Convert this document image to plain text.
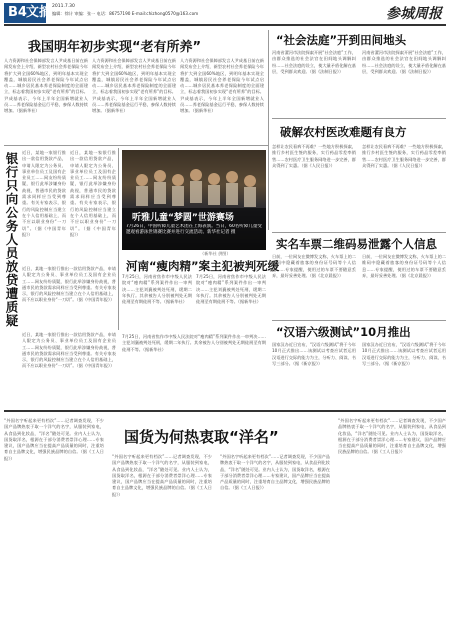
B4 文摘 2011.7.30
编辑：徐计 审编：张一 电话：86757190 E-mail:chizhong0570@163.com	参城周报
我国明年初步实现“老有所养”
人力资源和社会保障部发言人尹成基日前在新闻发布会上介绍，新型农村社会养老保险今年将扩大到全国60%地区，到明年基本实现全覆盖，城镇居民社会养老保险今年试点启动……城乡居民基本养老保险制度的全面建立，标志着我国初步实现“老有所养”的目标。尹成基表示，今年上半年全国新增就业人员……养老保险基金运行平稳，参保人数持续增加。（据新华社）
人力资源和社会保障部发言人尹成基日前在新闻发布会上介绍，新型农村社会养老保险今年将扩大到全国60%地区，到明年基本实现全覆盖，城镇居民社会养老保险今年试点启动……城乡居民基本养老保险制度的全面建立，标志着我国初步实现“老有所养”的目标。尹成基表示，今年上半年全国新增就业人员……养老保险基金运行平稳，参保人数持续增加。（据新华社）
人力资源和社会保障部发言人尹成基日前在新闻发布会上介绍，新型农村社会养老保险今年将扩大到全国60%地区，到明年基本实现全覆盖，城镇居民社会养老保险今年试点启动……城乡居民基本养老保险制度的全面建立，标志着我国初步实现“老有所养”的目标。尹成基表示，今年上半年全国新增就业人员……养老保险基金运行平稳，参保人数持续增加。（据新华社）
“社会法庭”开到田间地头
河南省漯河市法院探索开展“社会法庭”工作，由群众推选的社会法官在田间地头调解纠纷……社会法庭的设立，使大量矛盾化解在基层，受到群众欢迎。（据《法制日报》）
河南省漯河市法院探索开展“社会法庭”工作，由群众推选的社会法官在田间地头调解纠纷……社会法庭的设立，使大量矛盾化解在基层，受到群众欢迎。（据《法制日报》）
破解农村医改难题有良方
怎样让农民看病不再难？一些地方积极探索，推行乡村医生签约服务，实行药品零差率销售……农村医疗卫生服务网络进一步完善，群众得到了实惠。（据《人民日报》）
怎样让农民看病不再难？一些地方积极探索，推行乡村医生签约服务，实行药品零差率销售……农村医疗卫生服务网络进一步完善，群众得到了实惠。（据《人民日报》）
银行只向公务人员放贷遭质疑 近日，某地一家银行推出一款信用贷款产品，申请人限定为公务员、事业单位员工及国有企业员工……网友纷纷质疑，银行此举涉嫌身份歧视，普通市民的贷款需求同样应当受到尊重。有关专家表示，银行的风险控制应当建立在个人信用基础上，而不应以职业身份“一刀切”。（据《中国青年报》）
近日，某地一家银行推出一款信用贷款产品，申请人限定为公务员、事业单位员工及国有企业员工……网友纷纷质疑，银行此举涉嫌身份歧视，普通市民的贷款需求同样应当受到尊重。有关专家表示，银行的风险控制应当建立在个人信用基础上，而不应以职业身份“一刀切”。（据《中国青年报》）
近日，某地一家银行推出一款信用贷款产品，申请人限定为公务员、事业单位员工及国有企业员工……网友纷纷质疑，银行此举涉嫌身份歧视，普通市民的贷款需求同样应当受到尊重。有关专家表示，银行的风险控制应当建立在个人信用基础上，而不应以职业身份“一刀切”。（据《中国青年报》）
听雅儿童“梦圆”世游赛场
7月26日，中国听障儿童艺术团在上海表演。当日，60名听障儿童受邀观看游泳世锦赛比赛并进行交流活动。新华社记者 摄
（新华社 供图）
河南“瘦肉精”案主犯被判死缓
7月25日，河南省焦作市中级人民法院对“瘦肉精”系列案件作出一审判决……主犯刘襄被判处死刑，缓期二年执行。其余被告人分别被判处无期徒刑至有期徒刑不等。（据新华社）
7月25日，河南省焦作市中级人民法院对“瘦肉精”系列案件作出一审判决……主犯刘襄被判处死刑，缓期二年执行。其余被告人分别被判处无期徒刑至有期徒刑不等。（据新华社）
实名车票二维码易泄露个人信息
日前，一位网友在微博发文称，火车票上的二维码中隐藏着旅客的身份证号码等个人信息……专家提醒，使用过的车票不要随意丢弃，最好妥善处理。（据《北京晨报》）
日前，一位网友在微博发文称，火车票上的二维码中隐藏着旅客的身份证号码等个人信息……专家提醒，使用过的车票不要随意丢弃，最好妥善处理。（据《北京晨报》）
“汉语六级测试”10月推出
国家汉办近日宣布，“汉语六级测试”将于今年10月正式推出……该测试以考查应试者运用汉语进行交际的能力为主，分听力、阅读、书写三部分。（据《新京报》）
国家汉办近日宣布，“汉语六级测试”将于今年10月正式推出……该测试以考查应试者运用汉语进行交际的能力为主，分听力、阅读、书写三部分。（据《新京报》）
近日，某地一家银行推出一款信用贷款产品，申请人限定为公务员、事业单位员工及国有企业员工……网友纷纷质疑，银行此举涉嫌身份歧视，普通市民的贷款需求同样应当受到尊重。有关专家表示，银行的风险控制应当建立在个人信用基础上，而不应以职业身份“一刀切”。（据《中国青年报》）
7月25日，河南省焦作市中级人民法院对“瘦肉精”系列案件作出一审判决……主犯刘襄被判处死刑，缓期二年执行。其余被告人分别被判处无期徒刑至有期徒刑不等。（据新华社）
国货为何热衷取“洋名”
“外国名字听起来更有档次”……记者调查发现，不少国产品牌热衷于取一个洋气的名字，从服装到家电，从食品到化妆品，“洋名”随处可见。业内人士认为，国货取洋名，根源在于部分消费者崇洋心理……专家建议，国产品牌应当在提高产品质量的同时，注重培育自主品牌文化，增强民族品牌的自信。（据《工人日报》）	“外国名字听起来更有档次”……记者调查发现，不少国产品牌热衷于取一个洋气的名字，从服装到家电，从食品到化妆品，“洋名”随处可见。业内人士认为，国货取洋名，根源在于部分消费者崇洋心理……专家建议，国产品牌应当在提高产品质量的同时，注重培育自主品牌文化，增强民族品牌的自信。（据《工人日报》）
“外国名字听起来更有档次”……记者调查发现，不少国产品牌热衷于取一个洋气的名字，从服装到家电，从食品到化妆品，“洋名”随处可见。业内人士认为，国货取洋名，根源在于部分消费者崇洋心理……专家建议，国产品牌应当在提高产品质量的同时，注重培育自主品牌文化，增强民族品牌的自信。（据《工人日报》）
“外国名字听起来更有档次”……记者调查发现，不少国产品牌热衷于取一个洋气的名字，从服装到家电，从食品到化妆品，“洋名”随处可见。业内人士认为，国货取洋名，根源在于部分消费者崇洋心理……专家建议，国产品牌应当在提高产品质量的同时，注重培育自主品牌文化，增强民族品牌的自信。（据《工人日报》）
